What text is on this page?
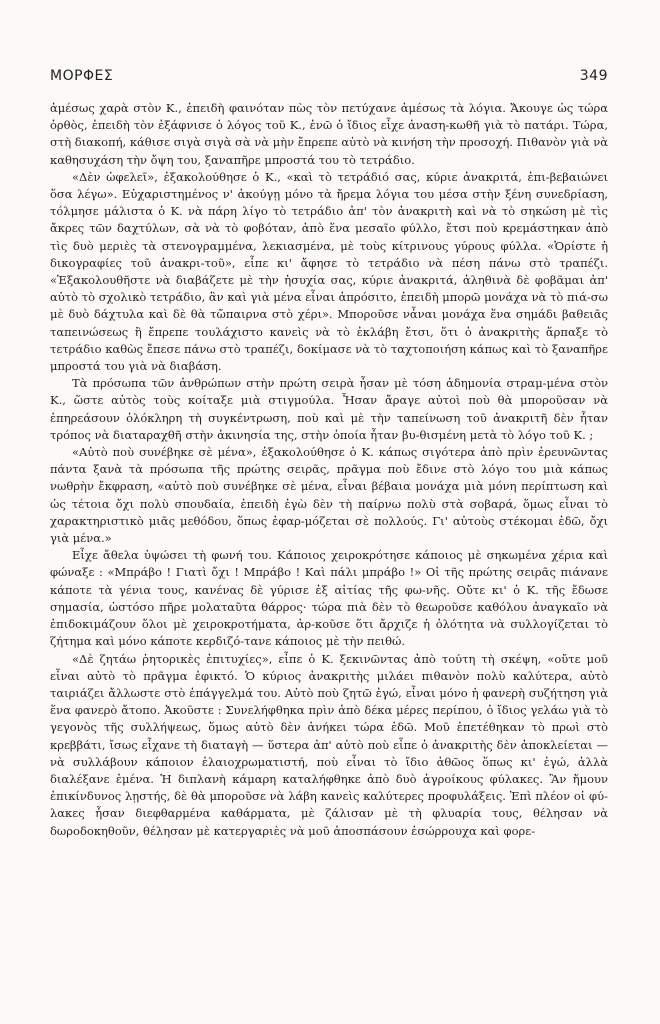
ΜΟΡΦΕΣ	349

ἀμέσως χαρὰ στὸν Κ., ἐπειδὴ φαινόταν πὼς τὸν πετύχανε ἀμέσως τὰ λόγια. Ἄκουγε ὡς τώρα ὀρθὸς, ἐπειδὴ τὸν ἐξάφνισε ὁ λόγος τοῦ Κ., ἐνῶ ὁ ἴδιος εἶχε ἀναση-κωθῆ γιὰ τὸ πατάρι. Τώρα, στὴ διακοπή, κάθισε σιγὰ σιγὰ σὰ νὰ μὴν ἔπρεπε αὐτὸ νὰ κινήση τὴν προσοχή. Πιθανὸν γιὰ νὰ καθησυχάση τὴν ὄψη του, ξαναπῆρε μπροστά του τὸ τετράδιο.

«Δὲν ὠφελεῖ», ἐξακολούθησε ὁ Κ., «καὶ τὸ τετράδιό σας, κύριε ἀνακριτά, ἐπι-βεβαιώνει ὅσα λέγω». Εὐχαριστημένος ν' ἀκούγῃ μόνο τὰ ἤρεμα λόγια του μέσα στὴν ξένη συνεδρίαση, τόλμησε μάλιστα ὁ Κ. νὰ πάρη λίγο τὸ τετράδιο ἀπ' τὸν ἀνακριτὴ καὶ νὰ τὸ σηκώση μὲ τὶς ἄκρες τῶν δαχτύλων, σὰ νὰ τὸ φοβόταν, ἀπὸ ἕνα μεσαῖο φύλλο, ἔτσι ποὺ κρεμάστηκαν ἀπὸ τὶς δυὸ μεριὲς τὰ στενογραμμένα, λεκιασμένα, μὲ τοὺς κίτρινους γύρους φύλλα. «Ὁρίστε ἡ δικογραφίες τοῦ ἀνακρι-τοῦ», εἶπε κι' ἄφησε τὸ τετράδιο νὰ πέση πάνω στὸ τραπέζι. «Ἐξακολουθῆστε νὰ διαβάζετε μὲ τὴν ἡσυχία σας, κύριε ἀνακριτά, ἀληθινὰ δὲ φοβᾶμαι ἀπ' αὐτὸ τὸ σχολικὸ τετράδιο, ἂν καὶ γιὰ μένα εἶναι ἀπρόσιτο, ἐπειδὴ μπορῶ μονάχα νὰ τὸ πιά-σω μὲ δυὸ δάχτυλα καὶ δὲ θὰ τὤπαιρνα στὸ χέρι». Μποροῦσε νἆναι μονάχα ἕνα σημάδι βαθειᾶς ταπεινώσεως ἢ ἔπρεπε τουλάχιστο κανεὶς νὰ τὸ ἐκλάβη ἔτσι, ὅτι ὁ ἀνακριτὴς ἅρπαξε τὸ τετράδιο καθὼς ἔπεσε πάνω στὸ τραπέζι, δοκίμασε νὰ τὸ ταχτοποιήση κάπως καὶ τὸ ξαναπῆρε μπροστά του γιὰ νὰ διαβάση.

Τὰ πρόσωπα τῶν ἀνθρώπων στὴν πρώτη σειρὰ ἦσαν μὲ τόση ἀδημονία στραμ-μένα στὸν Κ., ὥστε αὐτὸς τοὺς κοίταξε μιὰ στιγμούλα. Ἦσαν ἄραγε αὐτοὶ ποὺ θὰ μποροῦσαν νὰ ἐπηρεάσουν ὁλόκληρη τὴ συγκέντρωση, ποὺ καὶ μὲ τὴν ταπείνωση τοῦ ἀνακριτῆ δὲν ἦταν τρόπος νὰ διαταραχθῆ στὴν ἀκινησία της, στὴν ὁποία ἦταν βυ-θισμένη μετὰ τὸ λόγο τοῦ Κ. ;

«Αὐτὸ ποὺ συνέβηκε σὲ μένα», ἐξακολούθησε ὁ Κ. κάπως σιγότερα ἀπὸ πρὶν ἐρευνῶντας πάντα ξανὰ τὰ πρόσωπα τῆς πρώτης σειρᾶς, πρᾶγμα ποὺ ἔδινε στὸ λόγο του μιὰ κάπως νωθρὴν ἔκφραση, «αὐτὸ ποὺ συνέβηκε σὲ μένα, εἶναι βέβαια μονάχα μιὰ μόνη περίπτωση καὶ ὡς τέτοια ὄχι πολὺ σπουδαία, ἐπειδὴ ἐγὼ δὲν τὴ παίρνω πολὺ στὰ σοβαρά, ὅμως εἶναι τὸ χαρακτηριστικὸ μιᾶς μεθόδου, ὅπως ἐφαρ-μόζεται σὲ πολλούς. Γι' αὐτοὺς στέκομαι ἐδῶ, ὄχι γιὰ μένα.»

Εἶχε ἄθελα ὑψώσει τὴ φωνή του. Κάποιος χειροκρότησε κάποιος μὲ σηκωμένα χέρια καὶ φώναξε : «Μπράβο ! Γιατὶ ὄχι ! Μπράβο ! Καὶ πάλι μπράβο !» Οἱ τῆς πρώτης σειρᾶς πιάνανε κάποτε τὰ γένια τους, κανένας δὲ γύρισε ἐξ αἰτίας τῆς φω-νῆς. Οὔτε κι' ὁ Κ. τῆς ἔδωσε σημασία, ὡστόσο πῆρε μολαταῦτα θάρρος· τώρα πιὰ δὲν τὸ θεωροῦσε καθόλου ἀναγκαῖο νὰ ἐπιδοκιμάζουν ὅλοι μὲ χειροκροτήματα, ἀρ-κοῦσε ὅτι ἄρχιζε ἡ ὁλότητα νὰ συλλογίζεται τὸ ζήτημα καὶ μόνο κάποτε κερδιζό-τανε κάποιος μὲ τὴν πειθώ.

«Δὲ ζητάω ῥητορικὲς ἐπιτυχίες», εἶπε ὁ Κ. ξεκινῶντας ἀπὸ τούτη τὴ σκέψη, «οὔτε μοῦ εἶναι αὐτὸ τὸ πρᾶγμα ἐφικτό. Ὁ κύριος ἀνακριτὴς μιλάει πιθανὸν πολὺ καλύτερα, αὐτὸ ταιριάζει ἄλλωστε στὸ ἐπάγγελμά του. Αὐτὸ ποὺ ζητῶ ἐγώ, εἶναι μόνο ἡ φανερὴ συζήτηση γιὰ ἕνα φανερὸ ἄτοπο. Ἀκοῦστε : Συνελήφθηκα πρὶν ἀπὸ δέκα μέρες περίπου, ὁ ἴδιος γελάω γιὰ τὸ γεγονὸς τῆς συλλήψεως, ὅμως αὐτὸ δὲν ἀνήκει τώρα ἐδῶ. Μοῦ ἐπετέθηκαν τὸ πρωὶ στὸ κρεββάτι, ἴσως εἶχανε τὴ διαταγὴ — ὕστερα ἀπ' αὐτὸ ποὺ εἶπε ὁ ἀνακριτὴς δὲν ἀποκλείεται — νὰ συλλάβουν κάποιον ἐλαιοχρωματιστή, ποὺ εἶναι τὸ ἴδιο ἀθῶος ὅπως κι' ἐγώ, ἀλλὰ διαλέξανε ἐμένα. Ἡ διπλανὴ κάμαρη καταλήφθηκε ἀπὸ δυὸ ἀγροίκους φύλακες. Ἂν ἤμουν ἐπικίνδυνος λῃστής, δὲ θὰ μποροῦσε νὰ λάβη κανεὶς καλύτερες προφυλάξεις. Ἐπὶ πλέον οἱ φύ-λακες ἦσαν διεφθαρμένα καθάρματα, μὲ ζάλισαν μὲ τὴ φλυαρία τους, θέλησαν νὰ δωροδοκηθοῦν, θέλησαν μὲ κατεργαριὲς νὰ μοῦ ἀποσπάσουν ἐσώρρουχα καὶ φορε-
